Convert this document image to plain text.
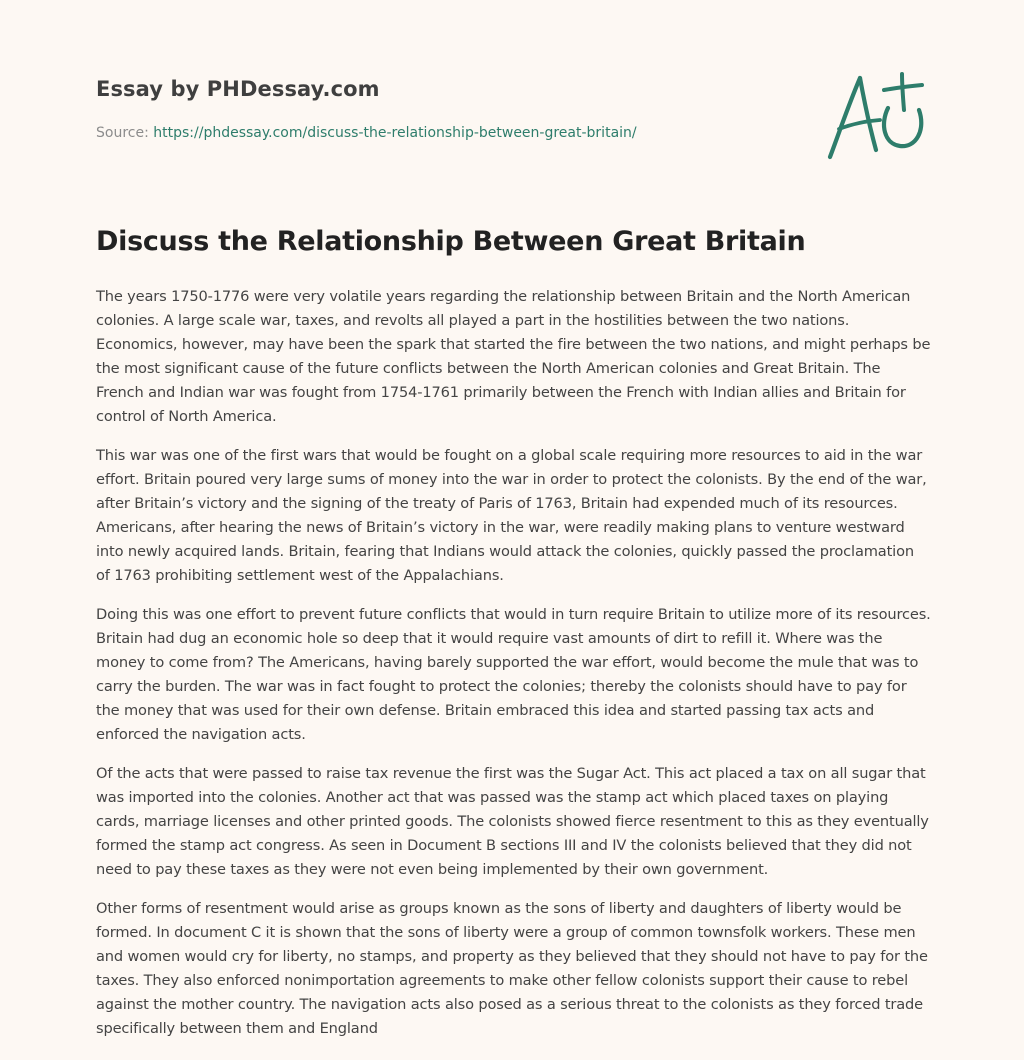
Essay by PHDessay.com
Source: https://phdessay.com/discuss-the-relationship-between-great-britain/
Discuss the Relationship Between Great Britain

The years 1750-1776 were very volatile years regarding the relationship between Britain and the North American colonies. A large scale war, taxes, and revolts all played a part in the hostilities between the two nations. Economics, however, may have been the spark that started the fire between the two nations, and might perhaps be the most significant cause of the future conflicts between the North American colonies and Great Britain. The French and Indian war was fought from 1754-1761 primarily between the French with Indian allies and Britain for control of North America.

This war was one of the first wars that would be fought on a global scale requiring more resources to aid in the war effort. Britain poured very large sums of money into the war in order to protect the colonists. By the end of the war, after Britain’s victory and the signing of the treaty of Paris of 1763, Britain had expended much of its resources. Americans, after hearing the news of Britain’s victory in the war, were readily making plans to venture westward into newly acquired lands. Britain, fearing that Indians would attack the colonies, quickly passed the proclamation of 1763 prohibiting settlement west of the Appalachians.

Doing this was one effort to prevent future conflicts that would in turn require Britain to utilize more of its resources. Britain had dug an economic hole so deep that it would require vast amounts of dirt to refill it. Where was the money to come from? The Americans, having barely supported the war effort, would become the mule that was to carry the burden. The war was in fact fought to protect the colonies; thereby the colonists should have to pay for the money that was used for their own defense. Britain embraced this idea and started passing tax acts and enforced the navigation acts.

Of the acts that were passed to raise tax revenue the first was the Sugar Act. This act placed a tax on all sugar that was imported into the colonies. Another act that was passed was the stamp act which placed taxes on playing cards, marriage licenses and other printed goods. The colonists showed fierce resentment to this as they eventually formed the stamp act congress. As seen in Document B sections III and IV the colonists believed that they did not need to pay these taxes as they were not even being implemented by their own government.

Other forms of resentment would arise as groups known as the sons of liberty and daughters of liberty would be formed. In document C it is shown that the sons of liberty were a group of common townsfolk workers. These men and women would cry for liberty, no stamps, and property as they believed that they should not have to pay for the taxes. They also enforced nonimportation agreements to make other fellow colonists support their cause to rebel against the mother country. The navigation acts also posed as a serious threat to the colonists as they forced trade specifically between them and England
